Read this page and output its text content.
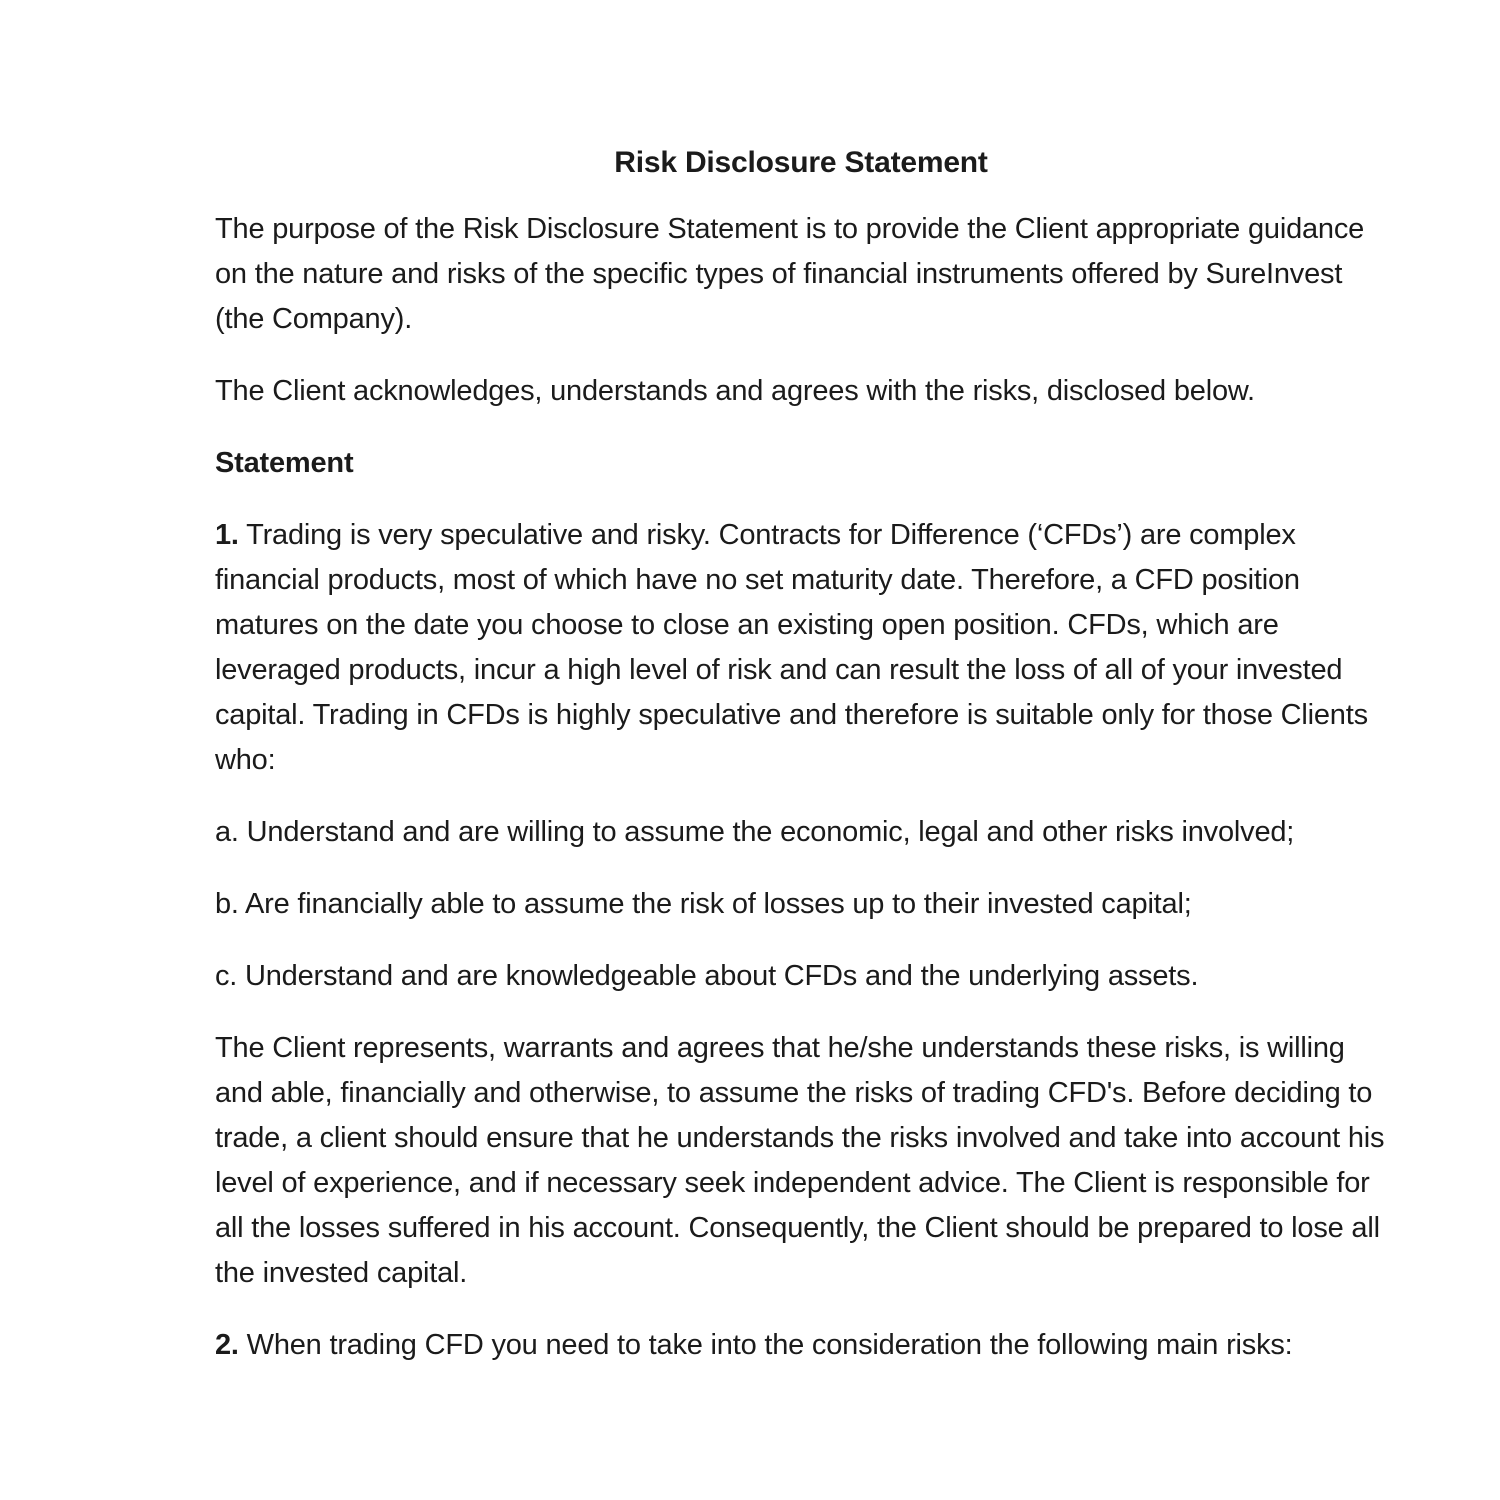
Risk Disclosure Statement

The purpose of the Risk Disclosure Statement is to provide the Client appropriate guidance on the nature and risks of the specific types of financial instruments offered by SureInvest (the Company).

The Client acknowledges, understands and agrees with the risks, disclosed below.

Statement

1. Trading is very speculative and risky. Contracts for Difference (‘CFDs’) are complex financial products, most of which have no set maturity date. Therefore, a CFD position matures on the date you choose to close an existing open position. CFDs, which are leveraged products, incur a high level of risk and can result the loss of all of your invested capital. Trading in CFDs is highly speculative and therefore is suitable only for those Clients who:

a. Understand and are willing to assume the economic, legal and other risks involved;

b. Are financially able to assume the risk of losses up to their invested capital;

c. Understand and are knowledgeable about CFDs and the underlying assets.

The Client represents, warrants and agrees that he/she understands these risks, is willing and able, financially and otherwise, to assume the risks of trading CFD's. Before deciding to trade, a client should ensure that he understands the risks involved and take into account his level of experience, and if necessary seek independent advice. The Client is responsible for all the losses suffered in his account. Consequently, the Client should be prepared to lose all the invested capital.

2. When trading CFD you need to take into the consideration the following main risks:
